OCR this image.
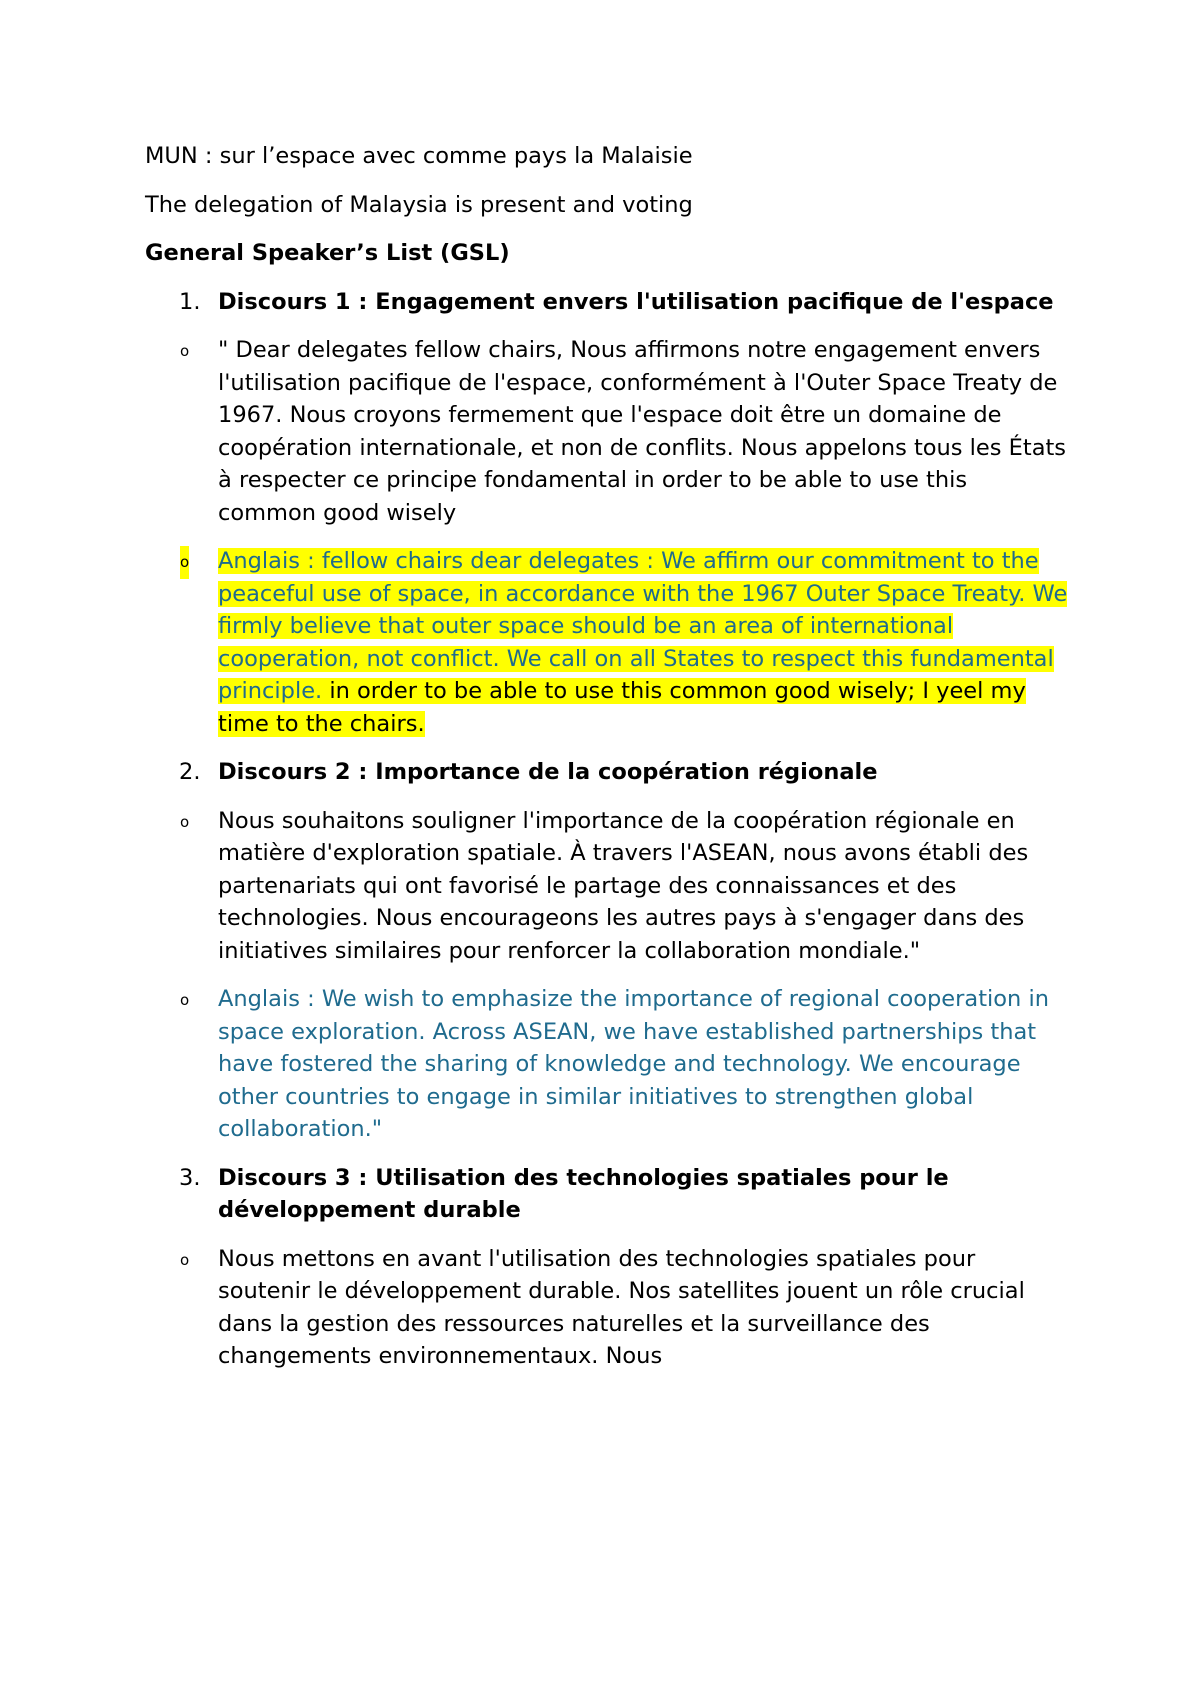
MUN : sur l’espace avec comme pays la Malaisie

The delegation of Malaysia is present and voting

General Speaker’s List (GSL)

1. Discours 1 : Engagement envers l'utilisation pacifique de l'espace
o " Dear delegates fellow chairs, Nous affirmons notre engagement envers l'utilisation pacifique de l'espace, conformément à l'Outer Space Treaty de 1967. Nous croyons fermement que l'espace doit être un domaine de coopération internationale, et non de conflits. Nous appelons tous les États à respecter ce principe fondamental in order to be able to use this common good wisely
o Anglais : fellow chairs dear delegates : We affirm our commitment to the peaceful use of space, in accordance with the 1967 Outer Space Treaty. We firmly believe that outer space should be an area of international cooperation, not conflict. We call on all States to respect this fundamental principle. in order to be able to use this common good wisely; I yeel my time to the chairs.
2. Discours 2 : Importance de la coopération régionale
o Nous souhaitons souligner l'importance de la coopération régionale en matière d'exploration spatiale. À travers l'ASEAN, nous avons établi des partenariats qui ont favorisé le partage des connaissances et des technologies. Nous encourageons les autres pays à s'engager dans des initiatives similaires pour renforcer la collaboration mondiale."
o Anglais : We wish to emphasize the importance of regional cooperation in space exploration. Across ASEAN, we have established partnerships that have fostered the sharing of knowledge and technology. We encourage other countries to engage in similar initiatives to strengthen global collaboration."
3. Discours 3 : Utilisation des technologies spatiales pour le développement durable
o Nous mettons en avant l'utilisation des technologies spatiales pour soutenir le développement durable. Nos satellites jouent un rôle crucial dans la gestion des ressources naturelles et la surveillance des changements environnementaux. Nous
